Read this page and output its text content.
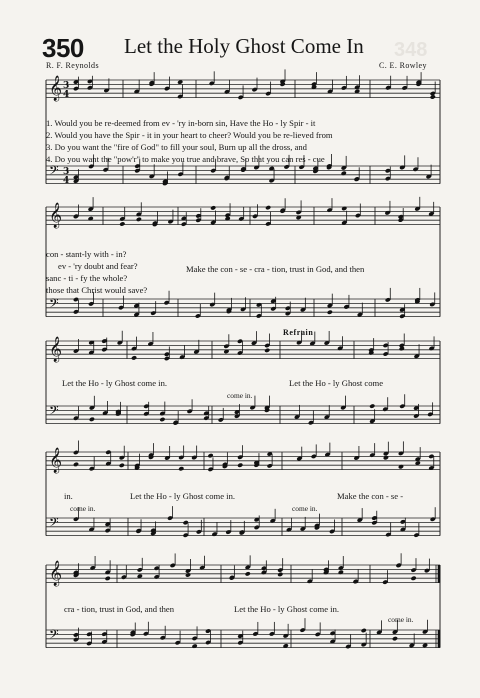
350 Let the Holy Ghost Come In 348
R. F. Reynolds	C. E. Rowley
𝄞
𝄢
3
3
4
4
𝄞
𝄢
𝄞
𝄢
𝄞
𝄢
𝄞
𝄢
1. Would you be re-deemed from ev - 'ry in-born sin, Have the Ho - ly Spir - it
2. Would you have the Spir - it in your heart to cheer? Would you be re-lieved from
3. Do you want the "fire of God" to fill your soul, Burn up all the dross, and
4. Do you want the "pow'r" to make you true and brave, So that you can res - cue
con - stant-ly with - in?
ev - 'ry doubt and fear?
sanc - ti - fy the whole?
those that Christ would save?
Make the con - se - cra - tion, trust in God, and then
Refrain
Let the Ho - ly Ghost come in.	Let the Ho - ly Ghost come
come in.
in.	Let the Ho - ly Ghost come in.	Make the con - se -
come in.	come in.
cra - tion, trust in God, and then	Let the Ho - ly Ghost come in.
come in.
